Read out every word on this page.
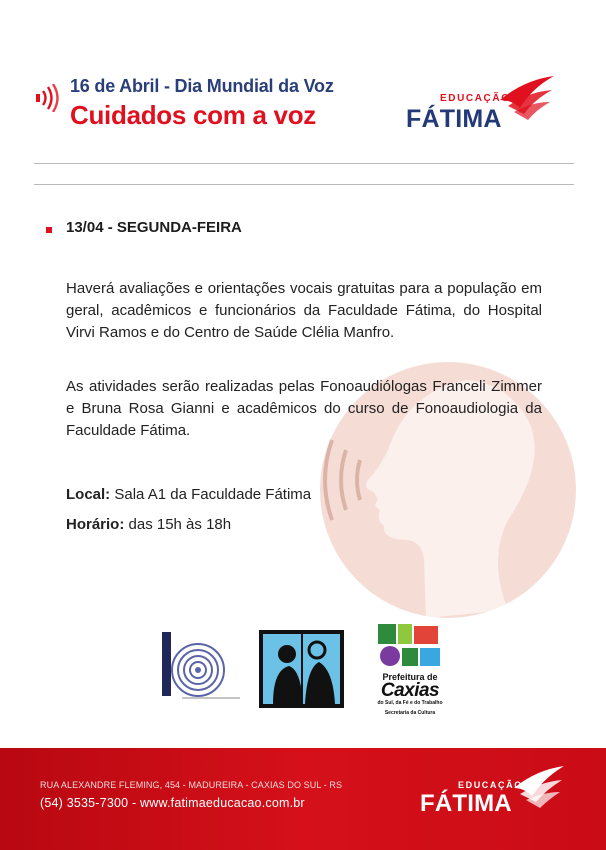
16 de Abril - Dia Mundial da Voz
Cuidados com a voz
EDUCAÇÃO
FÁTIMA
13/04 - SEGUNDA-FEIRA
Haverá avaliações e orientações vocais gratuitas para a população em geral, acadêmicos e funcionários da Faculdade Fátima, do Hospital Virvi Ramos e do Centro de Saúde Clélia Manfro.
As atividades serão realizadas pelas Fonoaudiólogas Franceli Zimmer e Bruna Rosa Gianni e acadêmicos do curso de Fonoaudiologia da Faculdade Fátima.
Local: Sala A1 da Faculdade Fátima
Horário: das 15h às 18h
Prefeitura de
Caxias
do Sul, da Fé e do Trabalho
Secretaria da Cultura
RUA ALEXANDRE FLEMING, 454 - MADUREIRA - CAXIAS DO SUL - RS
(54) 3535-7300 - www.fatimaeducacao.com.br
EDUCAÇÃO
FÁTIMA
